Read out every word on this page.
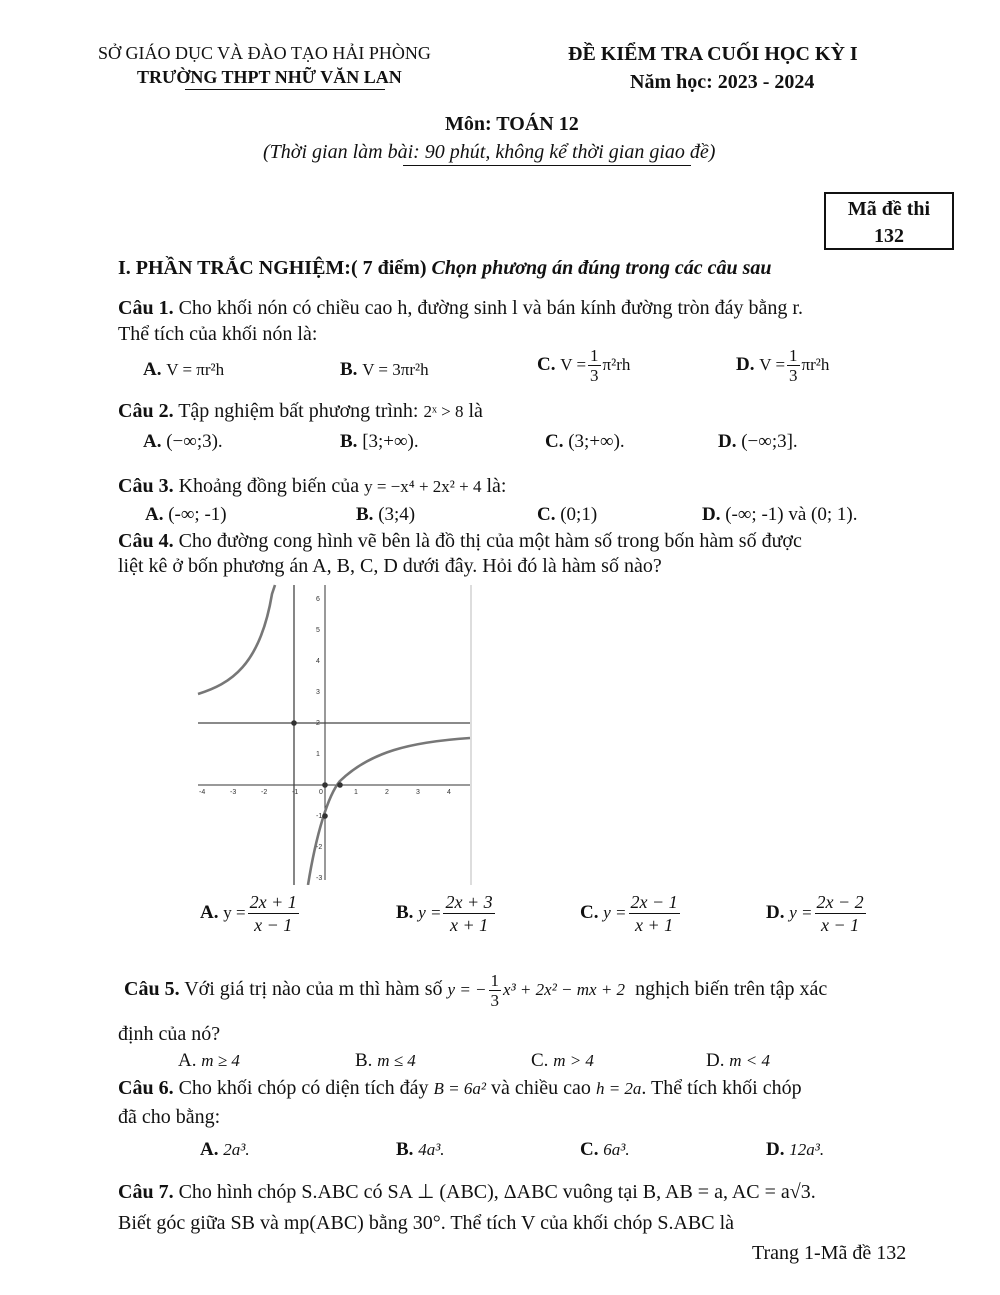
SỞ GIÁO DỤC VÀ ĐÀO TẠO HẢI PHÒNG
TRƯỜNG THPT NHỮ VĂN LAN
ĐỀ KIỂM TRA CUỐI HỌC KỲ I
Năm học: 2023 - 2024
Môn: TOÁN 12
(Thời gian làm bài: 90 phút, không kể thời gian giao đề)
Mã đề thi
132
I. PHẦN TRẮC NGHIỆM:( 7 điểm) Chọn phương án đúng trong các câu sau
Câu 1. Cho khối nón có chiều cao h, đường sinh l và bán kính đường tròn đáy bằng r.
Thể tích của khối nón là:
A. V = πr²h	B. V = 3πr²h	C. $V = \frac{1}{3} \pi^2rh$	D. $V = \frac{1}{3} \pi r^2h$
Câu 2. Tập nghiệm bất phương trình: 2ˣ > 8 là
A. (−∞;3).	B. [3;+∞).	C. (3;+∞).	D. (−∞;3].
Câu 3. Khoảng đồng biến của y = −x⁴ + 2x² + 4 là:
A. (-∞; -1)	B. (3;4)	C. (0;1)	D. (-∞; -1) và (0; 1).
Câu 4. Cho đường cong hình vẽ bên là đồ thị của một hàm số trong bốn hàm số được
liệt kê ở bốn phương án A, B, C, D dưới đây. Hỏi đó là hàm số nào?
-4	-3	-2	-1	0	1	2	3	4
6
5
4
3
2
1
-1
-2
-3
A. $y = \frac{2x + 1}{x - 1}$	B. $y = \frac{2x + 3}{x + 1}$	C. $y = \frac{2x - 1}{x + 1}$	D. $y = \frac{2x - 2}{x - 1}$
Câu 5. Với giá trị nào của m thì hàm số y = − $\frac{1}{3} x^3 + 2x^2$ − mx + 2 nghịch biến trên tập xác
định của nó?
A. m ≥ 4	B. m ≤ 4	C. m > 4	D. m < 4
Câu 6. Cho khối chóp có diện tích đáy B = 6a² và chiều cao h = 2a. Thể tích khối chóp
đã cho bằng:
A. 2a³.	B. 4a³.	C. 6a³.	D. 12a³.
Câu 7. Cho hình chóp S.ABC có SA ⊥ (ABC), ΔABC vuông tại B, AB = a, AC = a√3.
Biết góc giữa SB và mp(ABC) bằng 30°. Thể tích V của khối chóp S.ABC là
Trang 1-Mã đề 132
